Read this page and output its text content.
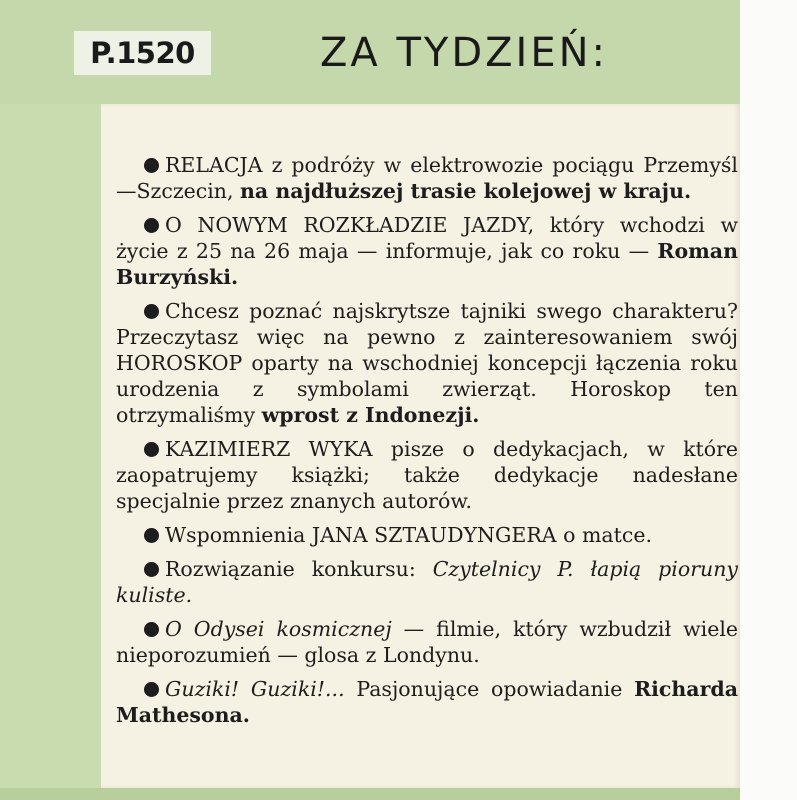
P.1520	ZA TYDZIEŃ:

RELACJA z podróży w elektrowozie pociągu Przemyśl—Szczecin, na najdłuższej trasie kolejowej w kraju.

O NOWYM ROZKŁADZIE JAZDY, który wchodzi w życie z 25 na 26 maja — informuje, jak co roku — Roman Burzyński.

Chcesz poznać najskrytsze tajniki swego charakteru? Przeczytasz więc na pewno z zainteresowaniem swój HOROSKOP oparty na wschodniej koncepcji łączenia roku urodzenia z symbolami zwierząt. Horoskop ten otrzymaliśmy wprost z Indonezji.

KAZIMIERZ WYKA pisze o dedykacjach, w które zaopatrujemy książki; także dedykacje nadesłane specjalnie przez znanych autorów.

Wspomnienia JANA SZTAUDYNGERA o matce.

Rozwiązanie konkursu: Czytelnicy P. łapią pioruny kuliste.

O Odysei kosmicznej — filmie, który wzbudził wiele nieporozumień — glosa z Londynu.

Guziki! Guziki!... Pasjonujące opowiadanie Richarda Mathesona.
